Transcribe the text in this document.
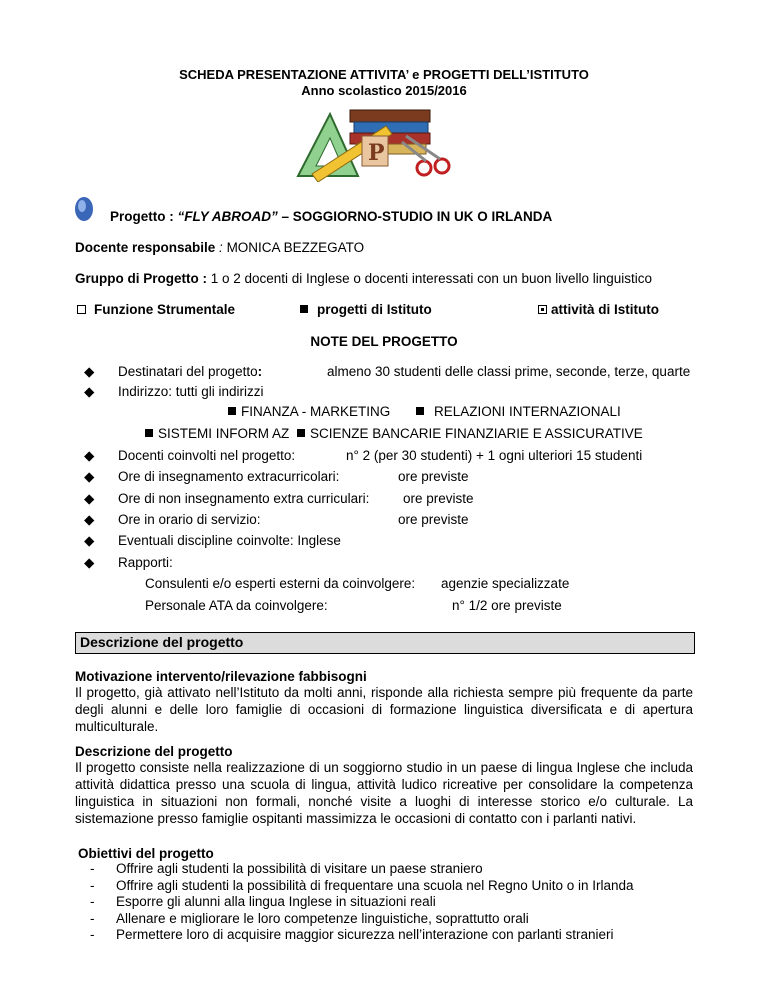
SCHEDA PRESENTAZIONE ATTIVITA’ e PROGETTI DELL’ISTITUTO
Anno scolastico 2015/2016
P
Progetto : “FLY ABROAD” – SOGGIORNO-STUDIO IN UK O IRLANDA
Docente responsabile : MONICA BEZZEGATO
Gruppo di Progetto : 1 o 2 docenti di Inglese o docenti interessati con un buon livello linguistico
Funzione Strumentale	progetti di Istituto	attività di Istituto
NOTE DEL PROGETTO
◆ Destinatari del progetto:	almeno 30 studenti delle classi prime, seconde, terze, quarte
◆ Indirizzo: tutti gli indirizzi
FINANZA - MARKETING	RELAZIONI INTERNAZIONALI
SISTEMI INFORM AZ	SCIENZE BANCARIE FINANZIARIE E ASSICURATIVE
◆ Docenti coinvolti nel progetto:	n° 2 (per 30 studenti) + 1 ogni ulteriori 15 studenti
◆ Ore di insegnamento extracurricolari:	ore previste
◆ Ore di non insegnamento extra curriculari: ore previste
◆ Ore in orario di servizio:	ore previste
◆ Eventuali discipline coinvolte: Inglese
◆ Rapporti:
Consulenti e/o esperti esterni da coinvolgere: agenzie specializzate
Personale ATA da coinvolgere:	n° 1/2 ore previste
Descrizione del progetto
Motivazione intervento/rilevazione fabbisogni
Il progetto, già attivato nell’Istituto da molti anni, risponde alla richiesta sempre più frequente da parte degli alunni e delle loro famiglie di occasioni di formazione linguistica diversificata e di apertura multiculturale.
Descrizione del progetto
Il progetto consiste nella realizzazione di un soggiorno studio in un paese di lingua Inglese che includa attività didattica presso una scuola di lingua, attività ludico ricreative per consolidare la competenza linguistica in situazioni non formali, nonché visite a luoghi di interesse storico e/o culturale. La sistemazione presso famiglie ospitanti massimizza le occasioni di contatto con i parlanti nativi.
Obiettivi del progetto
- Offrire agli studenti la possibilità di visitare un paese straniero
- Offrire agli studenti la possibilità di frequentare una scuola nel Regno Unito o in Irlanda
- Esporre gli alunni alla lingua Inglese in situazioni reali
- Allenare e migliorare le loro competenze linguistiche, soprattutto orali
- Permettere loro di acquisire maggior sicurezza nell’interazione con parlanti stranieri
